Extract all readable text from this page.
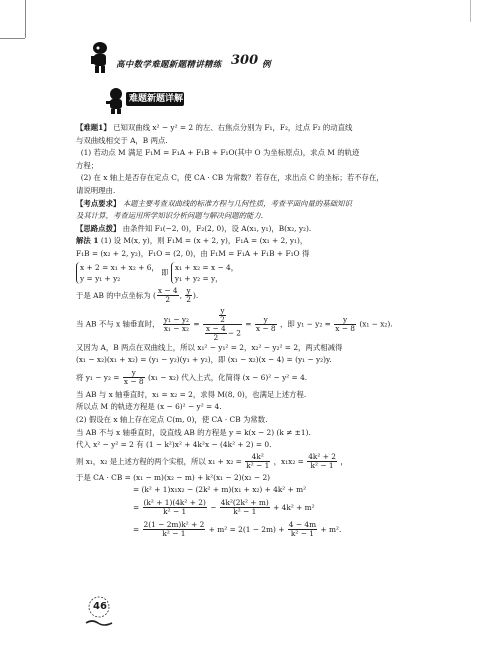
高中数学难题新题精讲精练 300 例
难题新题详解

【难题1】 已知双曲线 x² − y² = 2 的左、右焦点分别为 F₁，F₂，过点 F₂ 的动直线

与双曲线相交于 A，B 两点.

(1) 若动点 M 满足 F₁M = F₁A + F₁B + F₁O(其中 O 为坐标原点)，求点 M 的轨迹

方程；

(2) 在 x 轴上是否存在定点 C，使 CA · CB 为常数？若存在，求出点 C 的坐标；若不存在，

请说明理由.

【考点要求】 本题主要考查双曲线的标准方程与几何性质，考查平面向量的基础知识

及其计算，考查运用所学知识分析问题与解决问题的能力.

【思路点拨】 由条件知 F₁(−2, 0)，F₂(2, 0)，设 A(x₁, y₁)，B(x₂, y₂).

解法 1 (1) 设 M(x, y)，则 F₁M = (x + 2, y)，F₁A = (x₁ + 2, y₁)，

F₁B = (x₂ + 2, y₂)，F₁O = (2, 0)，由 F₁M = F₁A + F₁B + F₁O 得

x + 2 = x₁ + x₂ + 6，
y = y₁ + y₂ 即 x₁ + x₂ = x − 4，
y₁ + y₂ = y，

于是 AB 的中点坐标为 ( $\frac{x - 4}{2}$ , $\frac{y}{2}$ ).

当 AB 不与 x 轴垂直时， $\frac{\text{y₁ − y₂}}{\text{x₁ − x₂}} = \frac{\frac{y}{2}}{\frac{x - 4}{2} - 2} = \frac{y}{x - 8}$ ，即 $y_1 - y_2 = \frac{y}{x - 8} (x_1 - x_2)$.

又因为 A，B 两点在双曲线上，所以 x₁² − y₁² = 2，x₂² − y₂² = 2，两式相减得

(x₁ − x₂)(x₁ + x₂) = (y₁ − y₂)(y₁ + y₂)，即 (x₁ − x₂)(x − 4) = (y₁ − y₂)y.

将 $y_1 - y_2 = \frac{y}{x - 8} (x_1 - x_2)$ 代入上式，化简得 (x − 6)² − y² = 4.

当 AB 与 x 轴垂直时，x₁ = x₂ = 2，求得 M(8, 0)，也满足上述方程.

所以点 M 的轨迹方程是 (x − 6)² − y² = 4.

(2) 假设在 x 轴上存在定点 C(m, 0)，使 CA · CB 为常数.

当 AB 不与 x 轴垂直时，设直线 AB 的方程是 y = k(x − 2) (k ≠ ±1).

代入 x² − y² = 2 有 (1 − k²)x² + 4k²x − (4k² + 2) = 0.

则 x₁，x₂ 是上述方程的两个实根，所以 $x_1 + x_2 = \frac{\text{4k²}}{\text{k² − 1}}$ ，$x_1x_2 = \frac{\text{4k² + 2}}{\text{k² − 1}}$ ，

于是 CA · CB = (x₁ − m)(x₂ − m) + k²(x₁ − 2)(x₂ − 2)

= (k² + 1)x₁x₂ − (2k² + m)(x₁ + x₂) + 4k² + m²

= $\frac{\text{(k² + 1)(4k² + 2)}}{\text{k² − 1}} - \frac{\text{4k²(2k² + m)}}{\text{k² − 1}} + 4k^2 + m^2$

= $\frac{\text{2(1 − 2m)k² + 2}}{\text{k² − 1}} + m^2 = 2(1 - 2m) + \frac{4 - 4m}{\text{k² − 1}} + m^2$.

46
